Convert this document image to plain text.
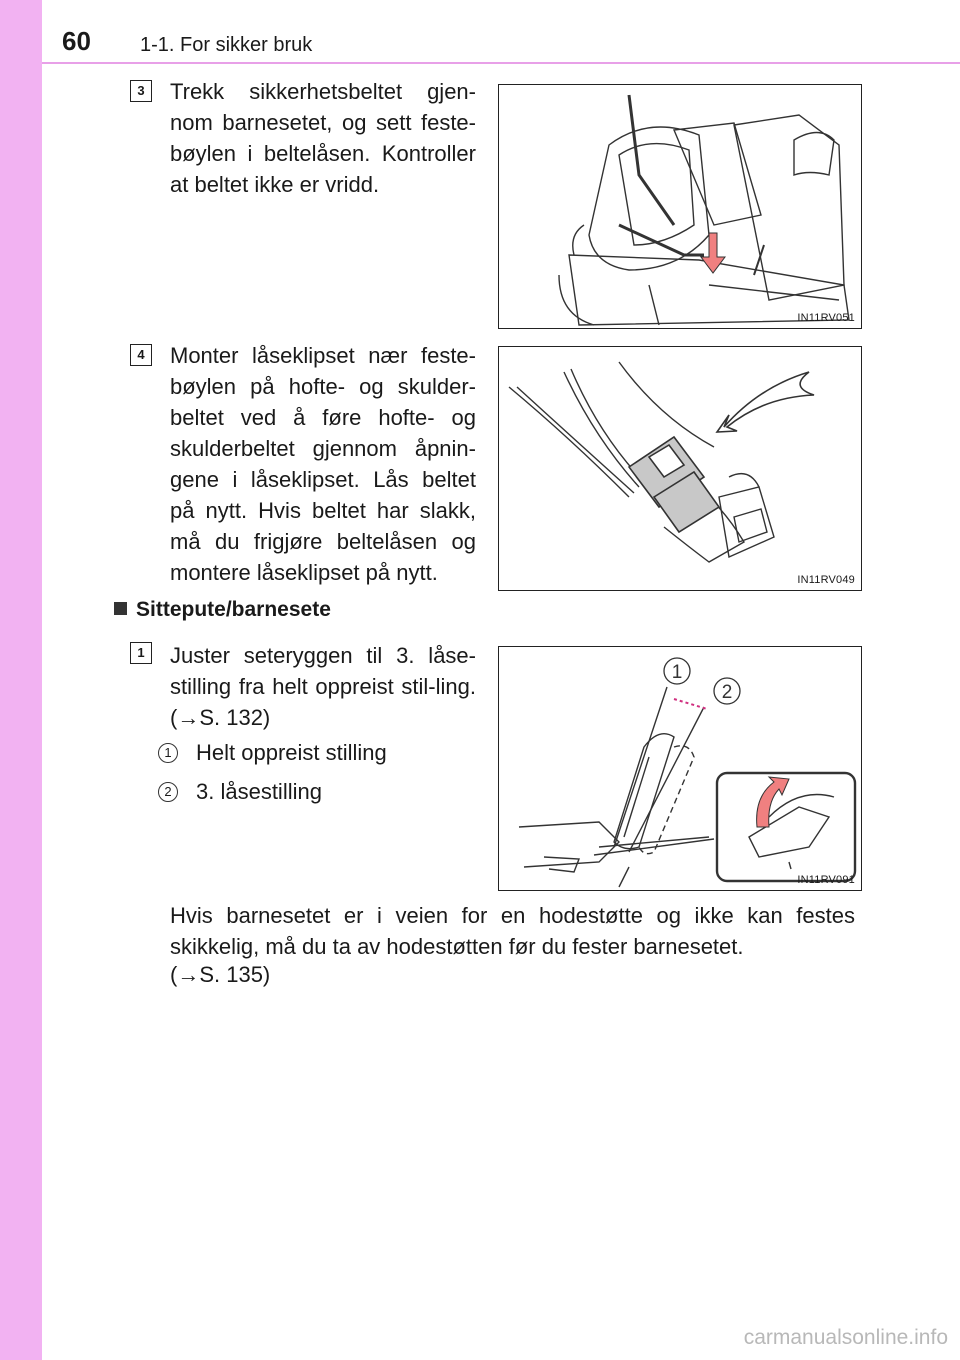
60 1-1. For sikker bruk
3	Trekk sikkerhetsbeltet gjen-nom barnesetet, og sett feste-bøylen i beltelåsen. Kontroller at beltet ikke er vridd.
IN11RV051
4	Monter låseklipset nær feste-bøylen på hofte- og skulder-beltet ved å føre hofte- og skulderbeltet gjennom åpnin-gene i låseklipset. Lås beltet på nytt. Hvis beltet har slakk, må du frigjøre beltelåsen og montere låseklipset på nytt.	IN11RV049
Sittepute/barnesete
1	Juster seteryggen til 3. låse-stilling fra helt oppreist stil-ling. (→S. 132)
1
2
IN11RV091
1 Helt oppreist stilling
2 3. låsestilling
Hvis barnesetet er i veien for en hodestøtte og ikke kan festes skikkelig, må du ta av hodestøtten før du fester barnesetet.
(→S. 135)
carmanualsonline.info
